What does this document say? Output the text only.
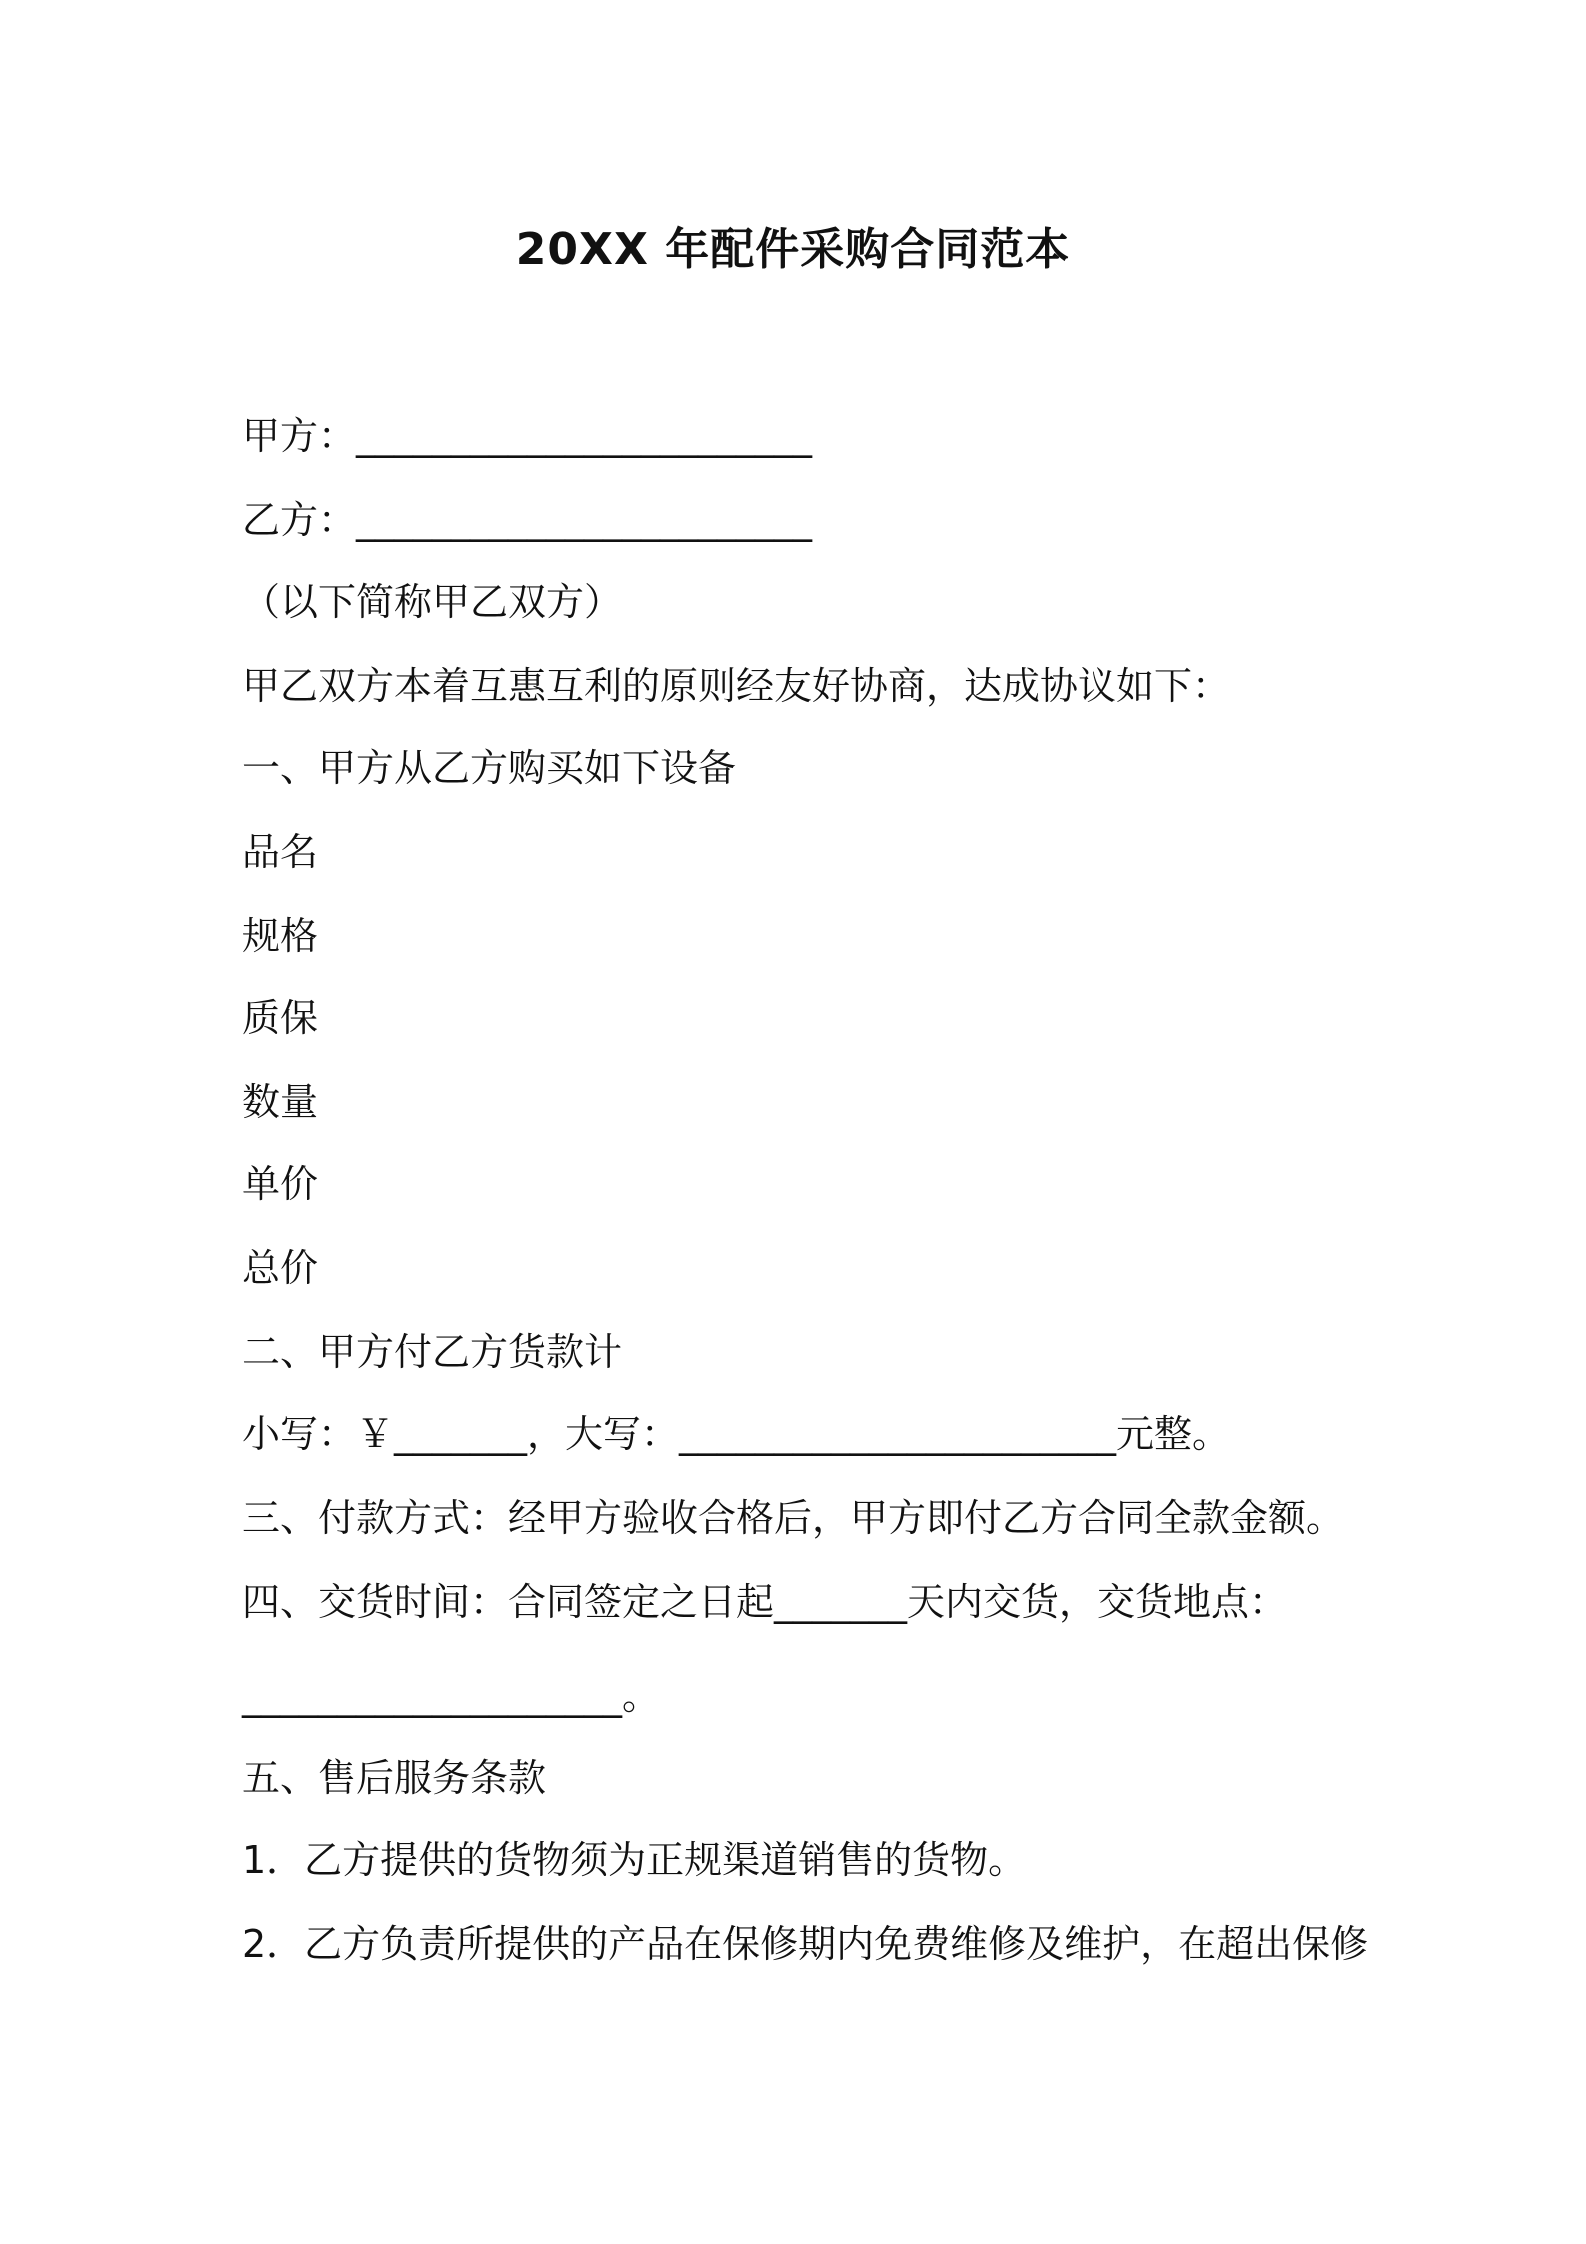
20XX 年配件采购合同范本
甲方：________________________
乙方：________________________
（以下简称甲乙双方）
甲乙双方本着互惠互利的原则经友好协商，达成协议如下：
一、甲方从乙方购买如下设备
品名
规格
质保
数量
单价
总价
二、甲方付乙方货款计
小写：￥_______，大写：_______________________元整。
三、付款方式：经甲方验收合格后，甲方即付乙方合同全款金额。
四、交货时间：合同签定之日起_______天内交货，交货地点：
____________________。
五、售后服务条款
1．乙方提供的货物须为正规渠道销售的货物。
2．乙方负责所提供的产品在保修期内免费维修及维护，在超出保修
